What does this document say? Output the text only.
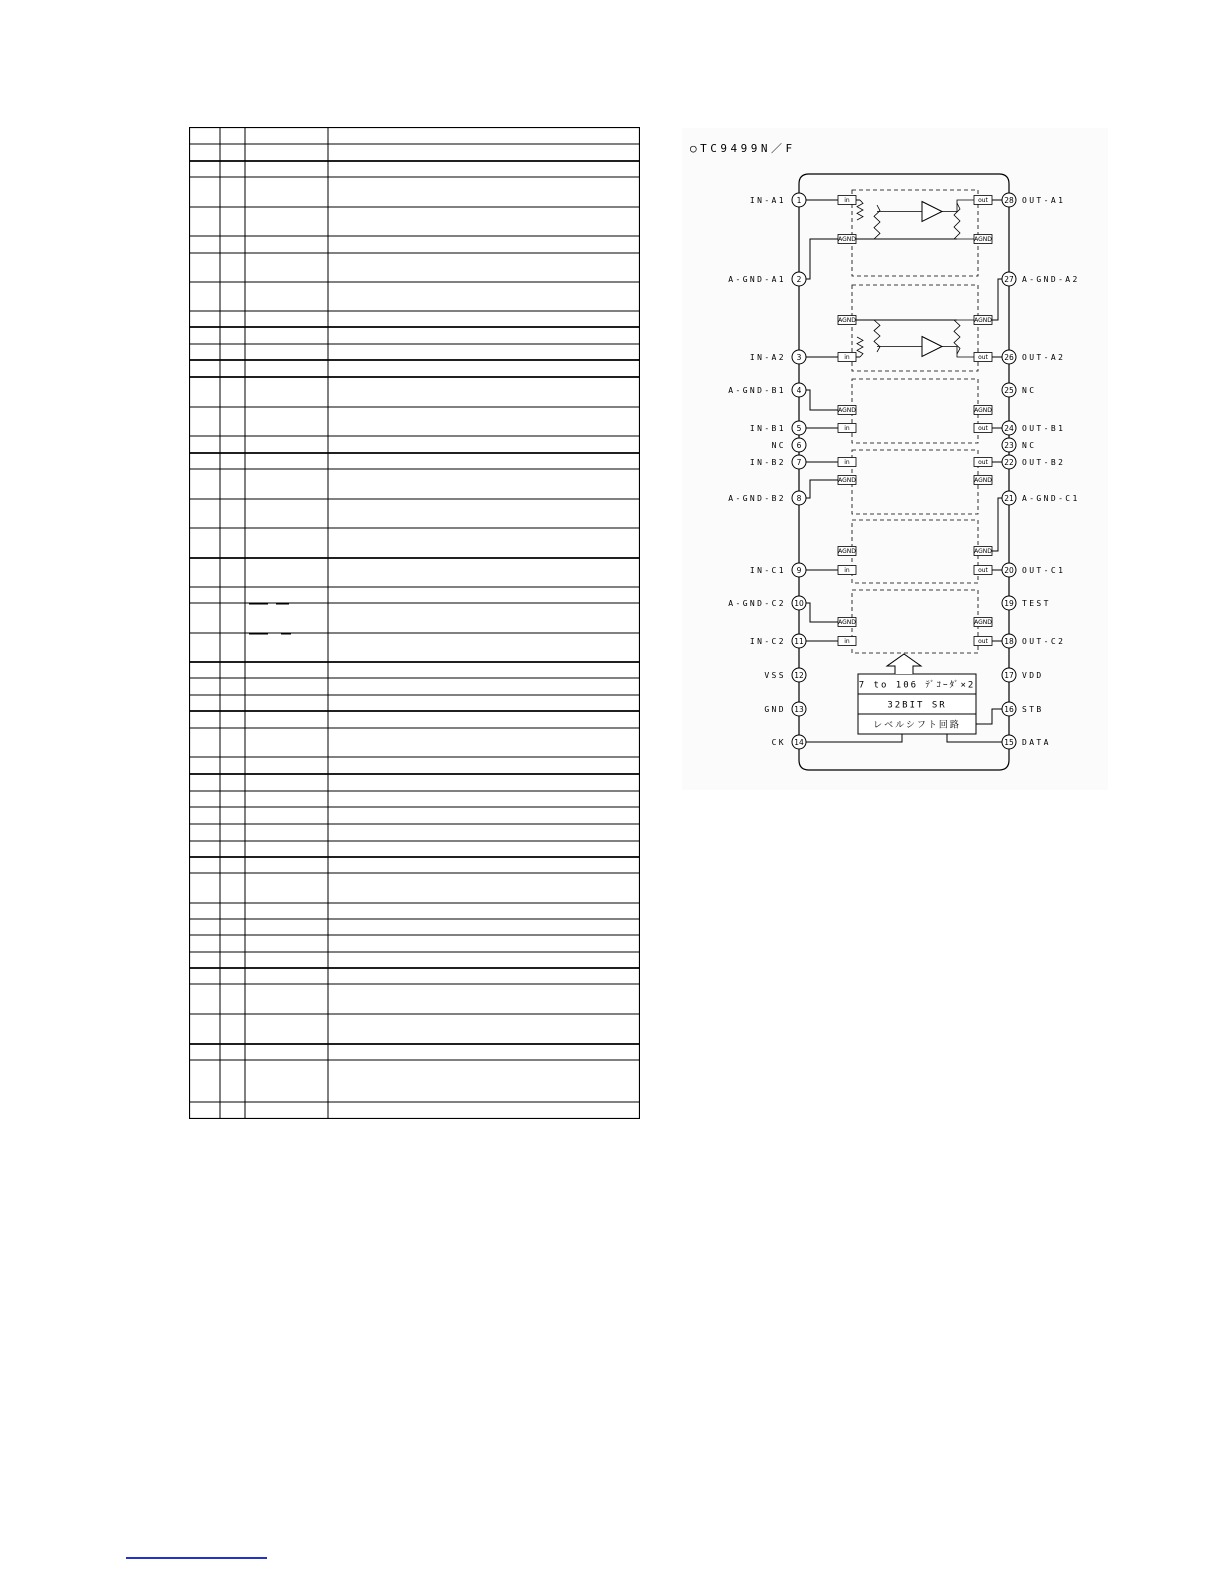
○TC9499N／F
1
IN-A1
2
A-GND-A1
3
IN-A2
4
A-GND-B1
5
IN-B1
6
NC
7
IN-B2
8
A-GND-B2
9
IN-C1
10
A-GND-C2
11
IN-C2
12
VSS
13
GND
14
CK
28 OUT-A1
27 A-GND-A2
26 OUT-A2
25 NC
24 OUT-B1
23 NC
22 OUT-B2
21 A-GND-C1
20 OUT-C1
19 TEST
18 OUT-C2
17 VDD
16 STB
15 DATA
in
in
in
in
in
in
out
out
out
out
out
out
AGND
AGND
AGND
AGND
AGND
AGND
AGND
AGND
AGND
AGND
AGND
AGND
7 to 106 ﾃﾞｺｰﾀﾞ×2
32BIT SR
レベルシフト回路
